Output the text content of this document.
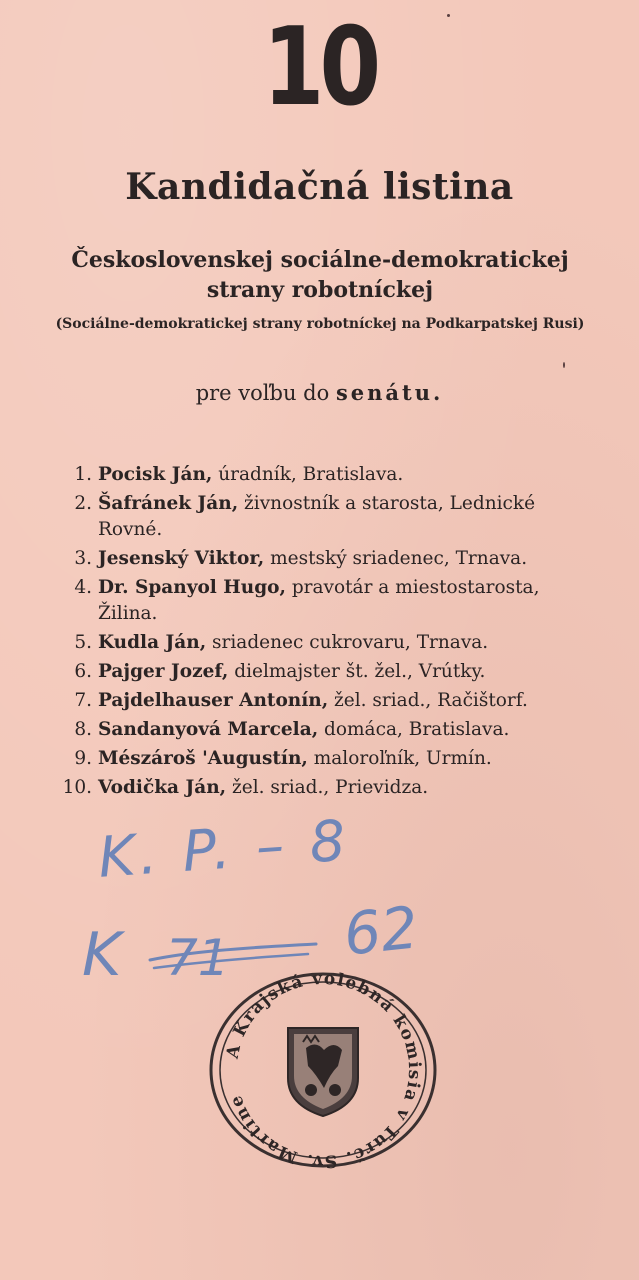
10
Kandidačná listina
Československej sociálne-demokratickej
strany robotníckej
(Sociálne-demokratickej strany robotníckej na Podkarpatskej Rusi)
pre voľbu do senátu.
1. Pocisk Ján, úradník, Bratislava.
2. Šafránek Ján, živnostník a starosta, Lednické Rovné.
3. Jesenský Viktor, mestský sriadenec, Trnava.
4. Dr. Spanyol Hugo, pravotár a miestostarosta, Žilina.
5. Kudla Ján, sriadenec cukrovaru, Trnava.
6. Pajger Jozef, dielmajster št. žel., Vrútky.
7. Pajdelhauser Antonín, žel. sriad., Račištorf.
8. Sandanyová Marcela, domáca, Bratislava.
9. Mészároš 'Augustín, maloroľník, Urmín.
10. Vodička Ján, žel. sriad., Prievidza.
K. P. – 8
K 71 62
A Krajská volebná komisia v Turč. Sv. Martine
